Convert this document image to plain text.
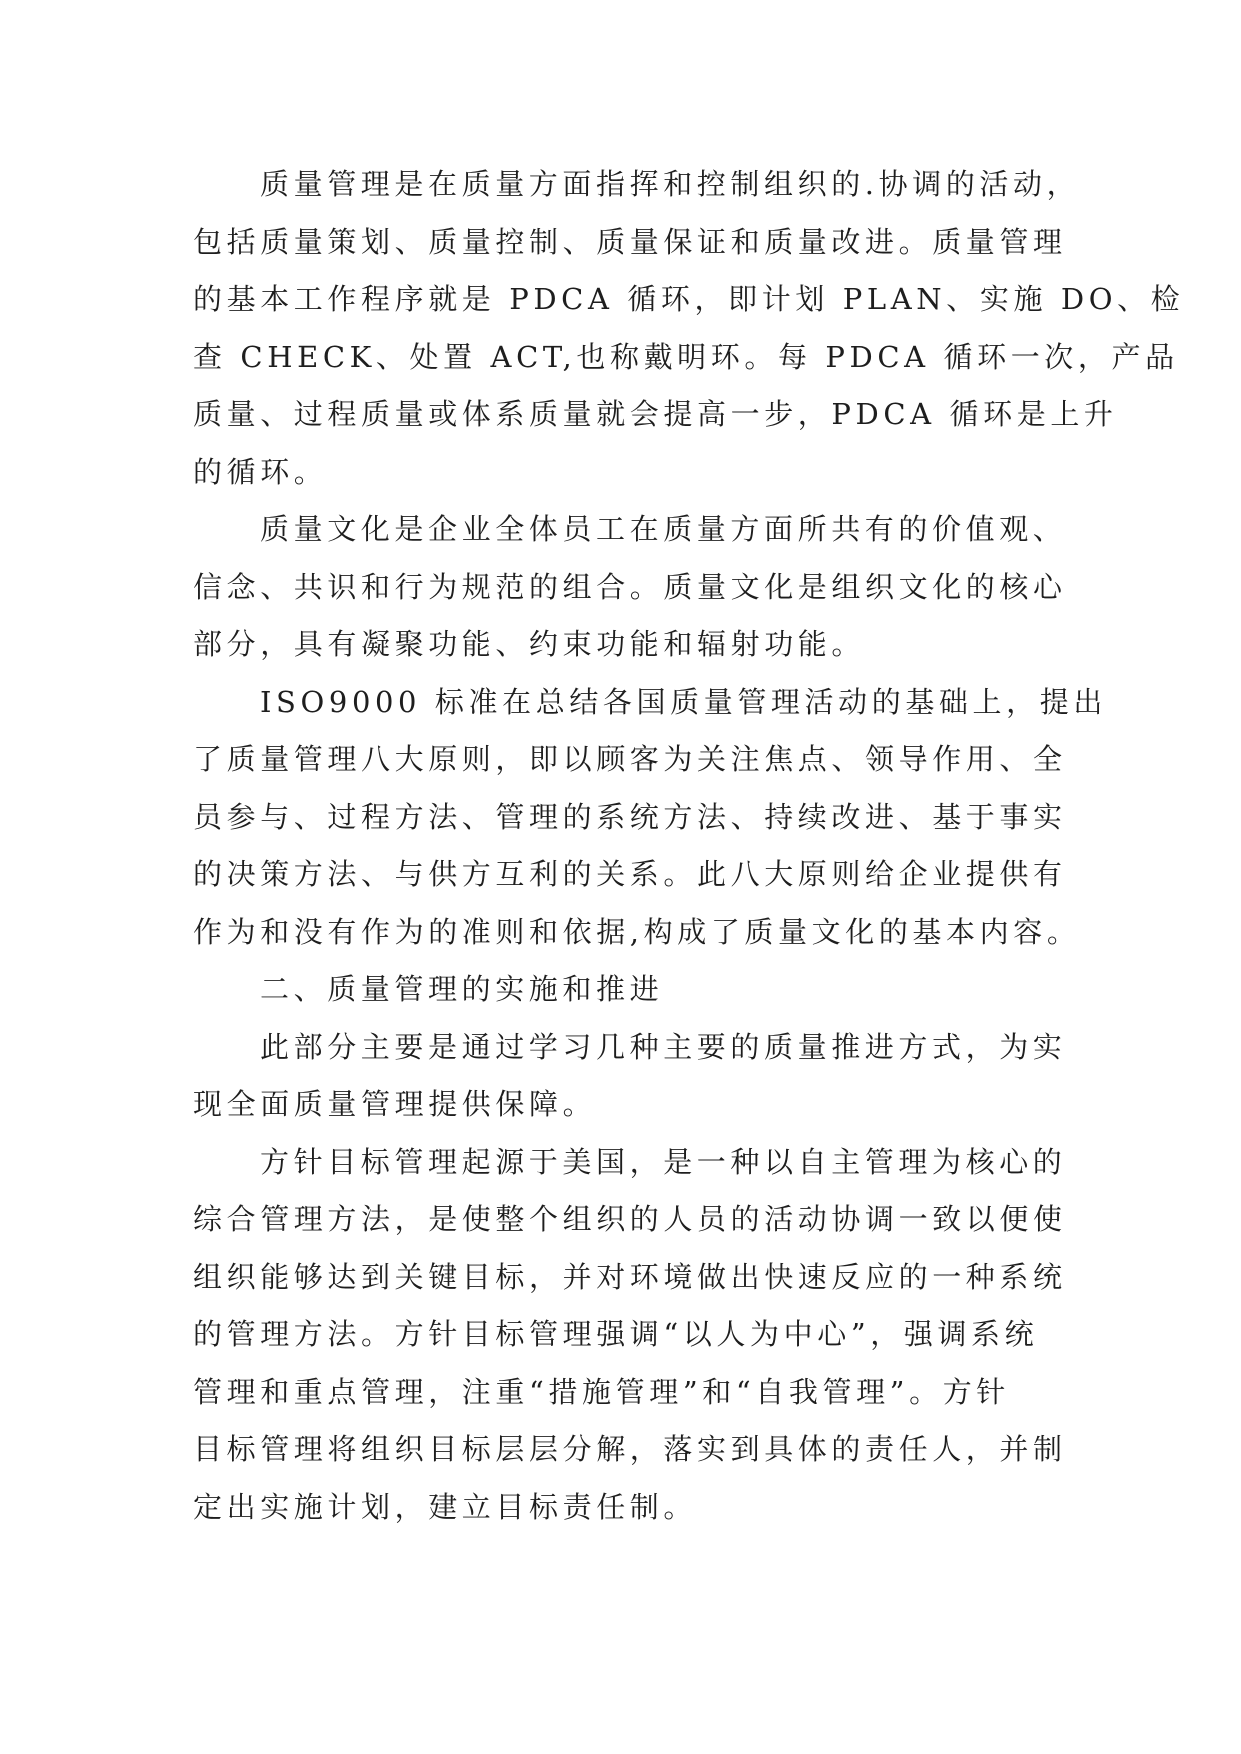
质量管理是在质量方面指挥和控制组织的.协调的活动，
包括质量策划、质量控制、质量保证和质量改进。质量管理
的基本工作程序就是 PDCA 循环，即计划 PLAN、实施 DO、检
查 CHECK、处置 ACT,也称戴明环。每 PDCA 循环一次，产品
质量、过程质量或体系质量就会提高一步，PDCA 循环是上升
的循环。

质量文化是企业全体员工在质量方面所共有的价值观、
信念、共识和行为规范的组合。质量文化是组织文化的核心
部分，具有凝聚功能、约束功能和辐射功能。

ISO9000 标准在总结各国质量管理活动的基础上，提出
了质量管理八大原则，即以顾客为关注焦点、领导作用、全
员参与、过程方法、管理的系统方法、持续改进、基于事实
的决策方法、与供方互利的关系。此八大原则给企业提供有
作为和没有作为的准则和依据,构成了质量文化的基本内容。

二、质量管理的实施和推进

此部分主要是通过学习几种主要的质量推进方式，为实
现全面质量管理提供保障。

方针目标管理起源于美国，是一种以自主管理为核心的
综合管理方法，是使整个组织的人员的活动协调一致以便使
组织能够达到关键目标，并对环境做出快速反应的一种系统
的管理方法。方针目标管理强调“以人为中心”，强调系统
管理和重点管理，注重“措施管理”和“自我管理”。方针
目标管理将组织目标层层分解，落实到具体的责任人，并制
定出实施计划，建立目标责任制。
